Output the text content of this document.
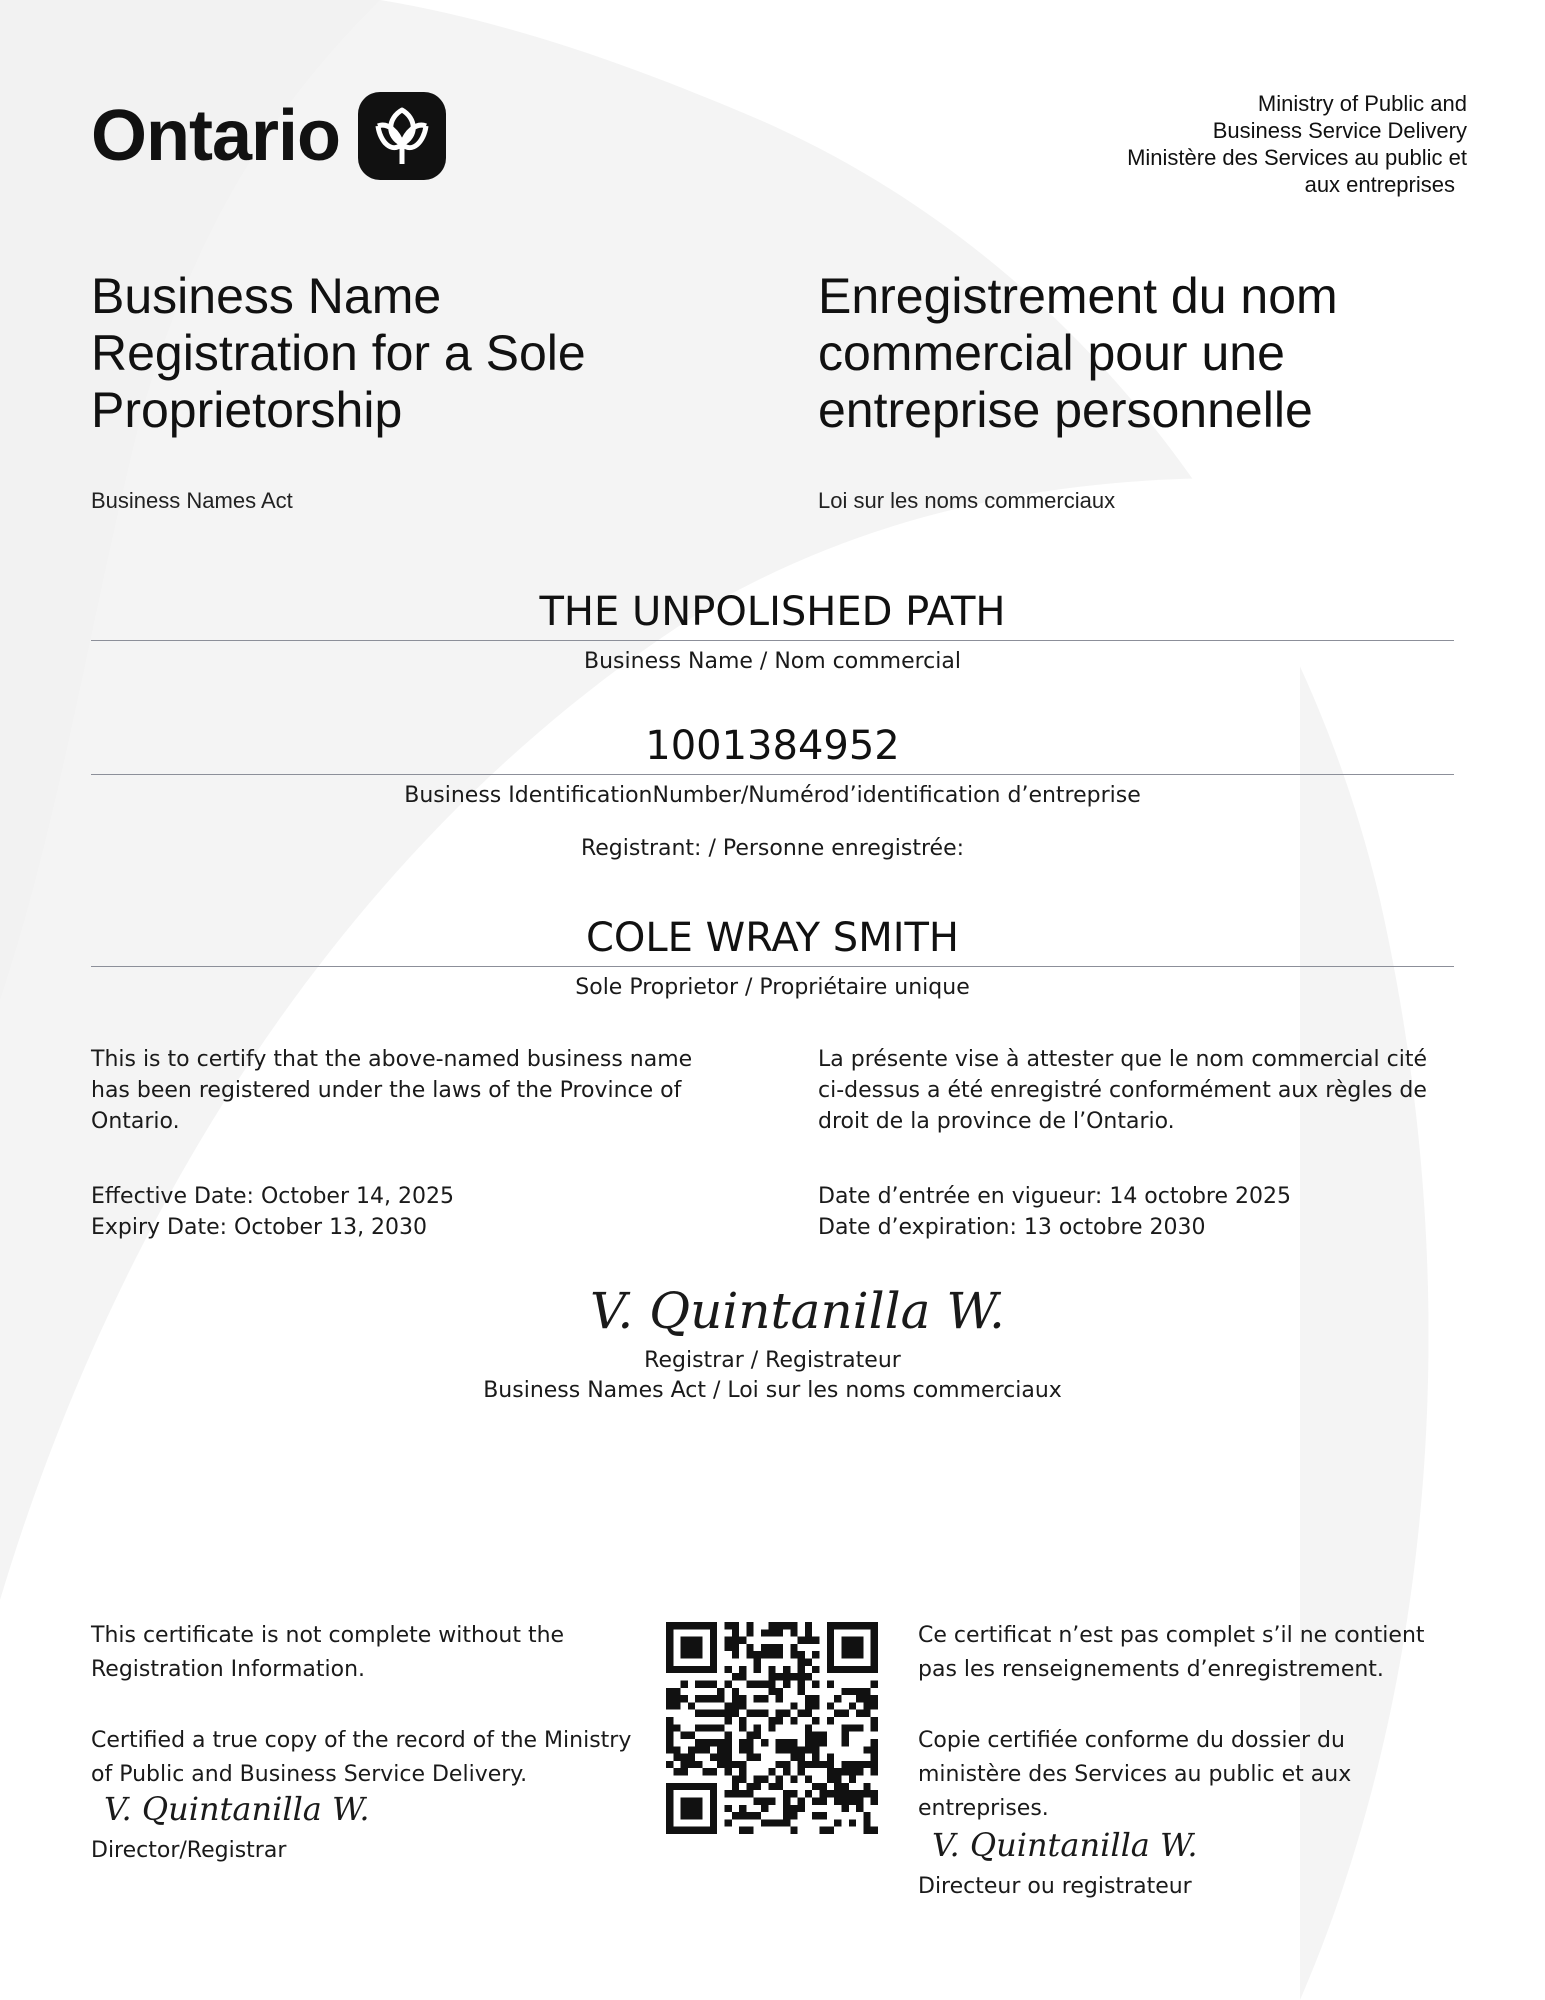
Ontario	Ministry of Public and
Business Service Delivery
Ministère des Services au public et
aux entreprises
Business Name
Registration for a Sole
Proprietorship
Enregistrement du nom
commercial pour une
entreprise personnelle
Business Names Act	Loi sur les noms commerciaux
THE UNPOLISHED PATH
Business Name / Nom commercial
1001384952
Business IdentificationNumber/Numérod’identification d’entreprise
Registrant: / Personne enregistrée:
COLE WRAY SMITH
Sole Proprietor / Propriétaire unique
This is to certify that the above-named business name has been registered under the laws of the Province of Ontario.
La présente vise à attester que le nom commercial cité ci-dessus a été enregistré conformément aux règles de droit de la province de l’Ontario.
Effective Date: October 14, 2025
Expiry Date: October 13, 2030
Date d’entrée en vigueur: 14 octobre 2025
Date d’expiration: 13 octobre 2030
V. Quintanilla W.
Registrar / Registrateur
Business Names Act / Loi sur les noms commerciaux
This certificate is not complete without the Registration Information.
Certified a true copy of the record of the Ministry of Public and Business Service Delivery.
V. Quintanilla W.
Director/Registrar
Ce certificat n’est pas complet s’il ne contient pas les renseignements d’enregistrement.
Copie certifiée conforme du dossier du ministère des Services au public et aux entreprises.
V. Quintanilla W.
Directeur ou registrateur
